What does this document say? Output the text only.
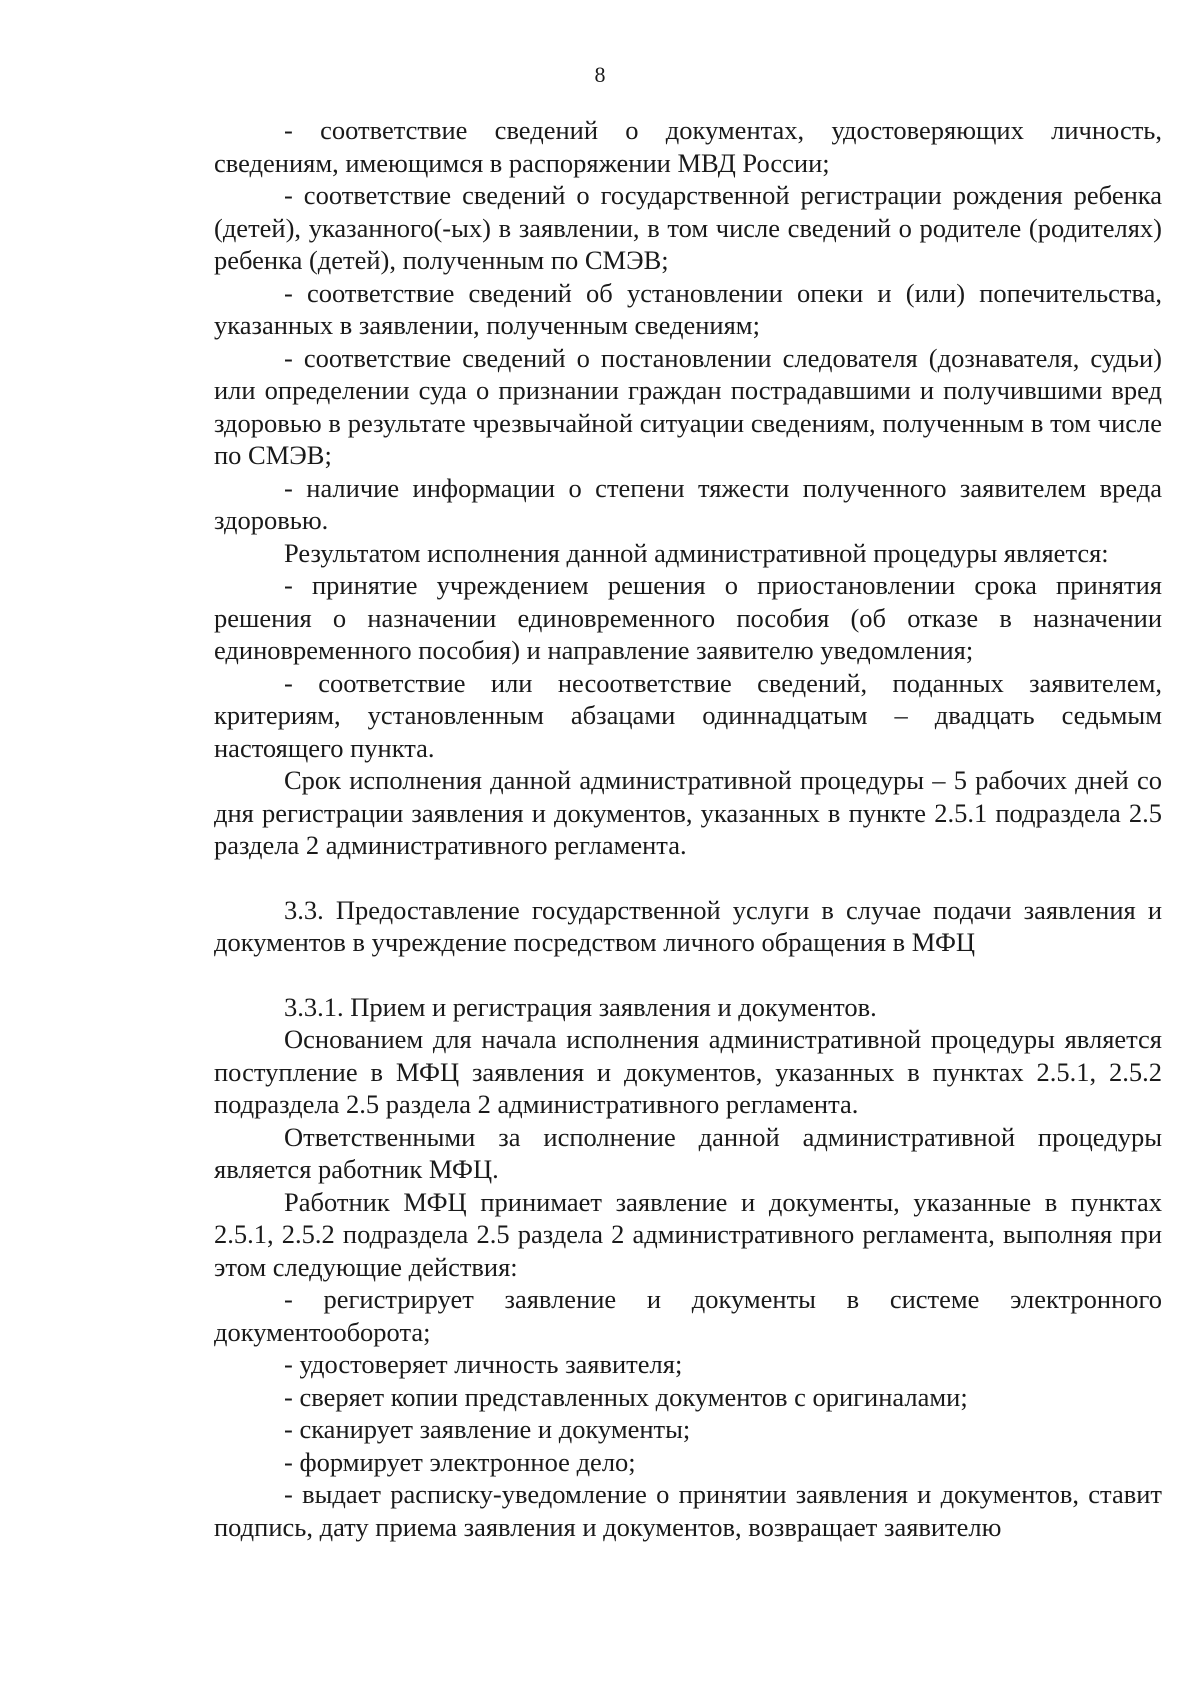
8

- соответствие сведений о документах, удостоверяющих личность, сведениям, имеющимся в распоряжении МВД России;

- соответствие сведений о государственной регистрации рождения ребенка (детей), указанного(-ых) в заявлении, в том числе сведений о родителе (родителях) ребенка (детей), полученным по СМЭВ;

- соответствие сведений об установлении опеки и (или) попечительства, указанных в заявлении, полученным сведениям;

- соответствие сведений о постановлении следователя (дознавателя, судьи) или определении суда о признании граждан пострадавшими и получившими вред здоровью в результате чрезвычайной ситуации сведениям, полученным в том числе по СМЭВ;

- наличие информации о степени тяжести полученного заявителем вреда здоровью.

Результатом исполнения данной административной процедуры является:

- принятие учреждением решения о приостановлении срока принятия решения о назначении единовременного пособия (об отказе в назначении единовременного пособия) и направление заявителю уведомления;

- соответствие или несоответствие сведений, поданных заявителем, критериям, установленным абзацами одиннадцатым – двадцать седьмым настоящего пункта.

Срок исполнения данной административной процедуры – 5 рабочих дней со дня регистрации заявления и документов, указанных в пункте 2.5.1 подраздела 2.5 раздела 2 административного регламента.

3.3. Предоставление государственной услуги в случае подачи заявления и документов в учреждение посредством личного обращения в МФЦ

3.3.1. Прием и регистрация заявления и документов.

Основанием для начала исполнения административной процедуры является поступление в МФЦ заявления и документов, указанных в пунктах 2.5.1, 2.5.2 подраздела 2.5 раздела 2 административного регламента.

Ответственными за исполнение данной административной процедуры является работник МФЦ.

Работник МФЦ принимает заявление и документы, указанные в пунктах 2.5.1, 2.5.2 подраздела 2.5 раздела 2 административного регламента, выполняя при этом следующие действия:

- регистрирует заявление и документы в системе электронного документооборота;

- удостоверяет личность заявителя;

- сверяет копии представленных документов с оригиналами;

- сканирует заявление и документы;

- формирует электронное дело;

- выдает расписку-уведомление о принятии заявления и документов, ставит подпись, дату приема заявления и документов, возвращает заявителю
